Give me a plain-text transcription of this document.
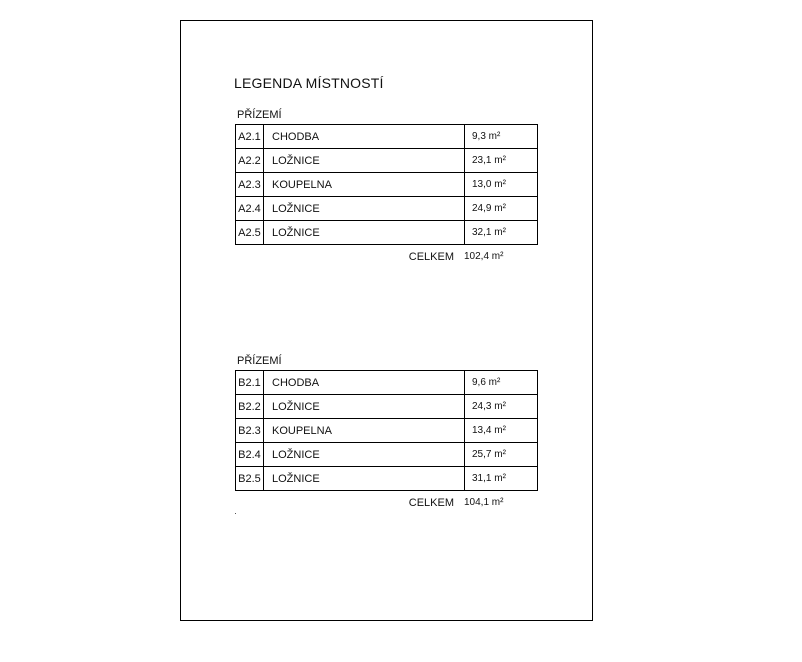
LEGENDA MÍSTNOSTÍ
PŘÍZEMÍ
A2.1	CHODBA	9,3 m²
A2.2	LOŽNICE	23,1 m²
A2.3	KOUPELNA	13,0 m²
A2.4	LOŽNICE	24,9 m²
A2.5	LOŽNICE	32,1 m²
CELKEM 102,4 m²
PŘÍZEMÍ
B2.1	CHODBA	9,6 m²
B2.2	LOŽNICE	24,3 m²
B2.3	KOUPELNA	13,4 m²
B2.4	LOŽNICE	25,7 m²
B2.5	LOŽNICE	31,1 m²
CELKEM 104,1 m²
